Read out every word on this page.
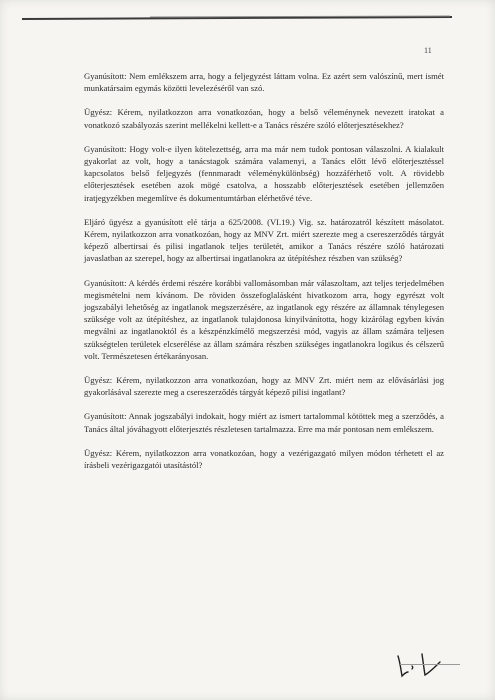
11

Gyanúsított: Nem emlékszem arra, hogy a feljegyzést láttam volna. Ez azért sem valószínű, mert ismét munkatársaim egymás közötti levelezéséről van szó.

Ügyész: Kérem, nyilatkozzon arra vonatkozóan, hogy a belső véleménynek nevezett iratokat a vonatkozó szabályozás szerint mellékelni kellett-e a Tanács részére szóló előterjesztésekhez?

Gyanúsított: Hogy volt-e ilyen kötelezettség, arra ma már nem tudok pontosan válaszolni. A kialakult gyakorlat az volt, hogy a tanácstagok számára valamenyi, a Tanács előtt lévő előterjesztéssel kapcsolatos belső feljegyzés (fennmaradt véleménykülönbség) hozzáférhető volt. A rövidebb előterjesztések esetében azok mögé csatolva, a hosszabb előterjesztések esetében jellemzően iratjegyzékben megemlítve és dokumentumtárban elérhetővé téve.

Eljáró ügyész a gyanúsított elé tárja a 625/2008. (VI.19.) Vig. sz. határozatról készített másolatot. Kérem, nyilatkozzon arra vonatkozóan, hogy az MNV Zrt. miért szerezte meg a csereszerződés tárgyát képező albertirsai és pilisi ingatlanok teljes területét, amikor a Tanács részére szóló határozati javaslatban az szerepel, hogy az albertirsai ingatlanokra az útépítéshez részben van szükség?

Gyanúsított: A kérdés érdemi részére korábbi vallomásomban már válaszoltam, azt teljes terjedelmében megismételni nem kívánom. De röviden összefoglalásként hivatkozom arra, hogy egyrészt volt jogszabályi lehetőség az ingatlanok megszerzésére, az ingatlanok egy részére az államnak ténylegesen szüksége volt az útépítéshez, az ingatlanok tulajdonosa kinyilvánította, hogy kizárólag egyben kíván megválni az ingatlanoktól és a készpénzkímélő megszerzési mód, vagyis az állam számára teljesen szükségtelen területek elcserélése az állam számára részben szükséges ingatlanokra logikus és célszerű volt. Természetesen értékarányosan.

Ügyész: Kérem, nyilatkozzon arra vonatkozóan, hogy az MNV Zrt. miért nem az elővásárlási jog gyakorlásával szerezte meg a csereszerződés tárgyát képező pilisi ingatlant?

Gyanúsított: Annak jogszabályi indokait, hogy miért az ismert tartalommal kötöttek meg a szerződés, a Tanács által jóváhagyott előterjesztés részletesen tartalmazza. Erre ma már pontosan nem emlékszem.

Ügyész: Kérem, nyilatkozzon arra vonatkozóan, hogy a vezérigazgató milyen módon térhetett el az írásbeli vezérigazgatói utasítástól?
